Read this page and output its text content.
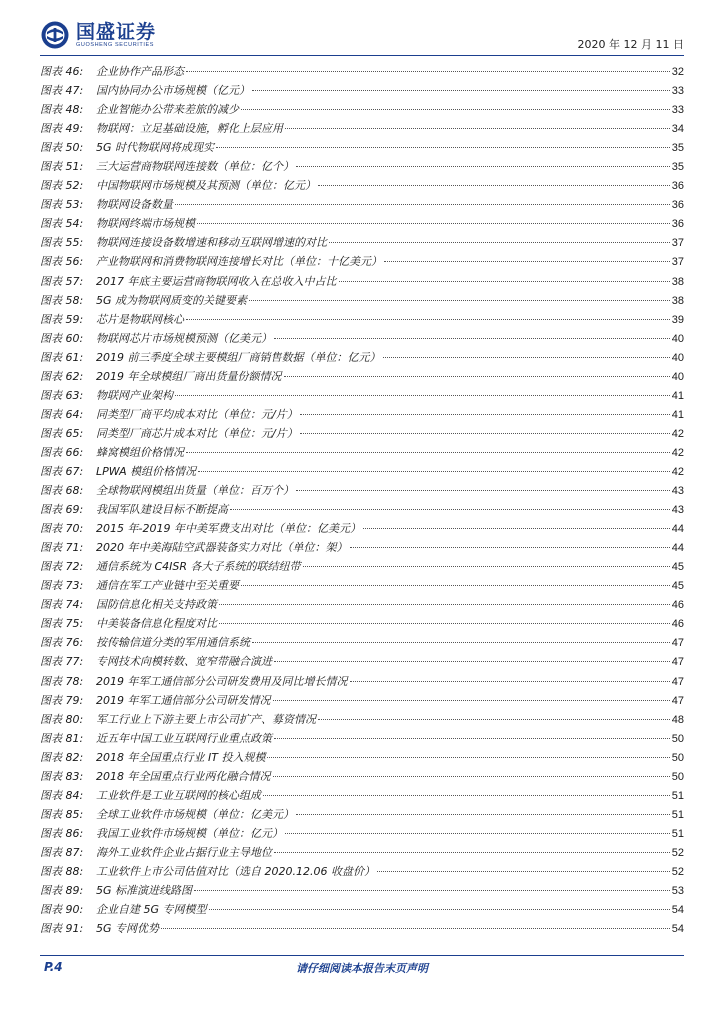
国盛证券
GUOSHENG SECURITIES	2020 年 12 月 11 日
图表 46:	企业协作产品形态	32
图表 47:	国内协同办公市场规模（亿元）	33
图表 48:	企业智能办公带来差旅的减少	33
图表 49:	物联网：立足基础设施，孵化上层应用	34
图表 50:	5G 时代物联网将成现实	35
图表 51:	三大运营商物联网连接数（单位：亿个）	35
图表 52:	中国物联网市场规模及其预测（单位：亿元）	36
图表 53:	物联网设备数量	36
图表 54:	物联网终端市场规模	36
图表 55:	物联网连接设备数增速和移动互联网增速的对比	37
图表 56:	产业物联网和消费物联网连接增长对比（单位：十亿美元）	37
图表 57:	2017 年底主要运营商物联网收入在总收入中占比	38
图表 58:	5G 成为物联网质变的关键要素	38
图表 59:	芯片是物联网核心	39
图表 60:	物联网芯片市场规模预测（亿美元）	40
图表 61:	2019 前三季度全球主要模组厂商销售数据（单位：亿元）	40
图表 62:	2019 年全球模组厂商出货量份额情况	40
图表 63:	物联网产业架构	41
图表 64:	同类型厂商平均成本对比（单位：元/片）	41
图表 65:	同类型厂商芯片成本对比（单位：元/片）	42
图表 66:	蜂窝模组价格情况	42
图表 67:	LPWA 模组价格情况	42
图表 68:	全球物联网模组出货量（单位：百万个）	43
图表 69:	我国军队建设目标不断提高	43
图表 70:	2015 年-2019 年中美军费支出对比（单位：亿美元）	44
图表 71:	2020 年中美海陆空武器装备实力对比（单位：架）	44
图表 72:	通信系统为 C4ISR 各大子系统的联结纽带	45
图表 73:	通信在军工产业链中至关重要	45
图表 74:	国防信息化相关支持政策	46
图表 75:	中美装备信息化程度对比	46
图表 76:	按传输信道分类的军用通信系统	47
图表 77:	专网技术向模转数、宽窄带融合演进	47
图表 78:	2019 年军工通信部分公司研发费用及同比增长情况	47
图表 79:	2019 年军工通信部分公司研发情况	47
图表 80:	军工行业上下游主要上市公司扩产、募资情况	48
图表 81:	近五年中国工业互联网行业重点政策	50
图表 82:	2018 年全国重点行业 IT 投入规模	50
图表 83:	2018 年全国重点行业两化融合情况	50
图表 84:	工业软件是工业互联网的核心组成	51
图表 85:	全球工业软件市场规模（单位：亿美元）	51
图表 86:	我国工业软件市场规模（单位：亿元）	51
图表 87:	海外工业软件企业占据行业主导地位	52
图表 88:	工业软件上市公司估值对比（选自 2020.12.06 收盘价）	52
图表 89:	5G 标准演进线路图	53
图表 90:	企业自建 5G 专网模型	54
图表 91:	5G 专网优势	54
P.4	请仔细阅读本报告末页声明
